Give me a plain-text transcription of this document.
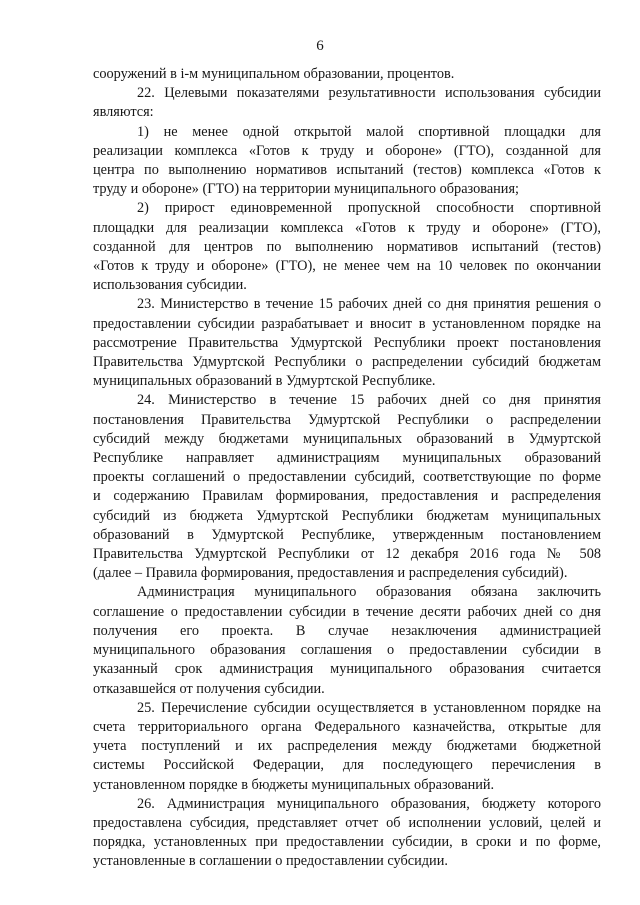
6

сооружений в i-м муниципальном образовании, процентов.

22. Целевыми показателями результативности использования субсидии

являются:

1) не менее одной открытой малой спортивной площадки для

реализации комплекса «Готов к труду и обороне» (ГТО), созданной для

центра по выполнению нормативов испытаний (тестов) комплекса «Готов к

труду и обороне» (ГТО) на территории муниципального образования;

2) прирост единовременной пропускной способности спортивной

площадки для реализации комплекса «Готов к труду и обороне» (ГТО),

созданной для центров по выполнению нормативов испытаний (тестов)

«Готов к труду и обороне» (ГТО), не менее чем на 10 человек по окончании

использования субсидии.

23. Министерство в течение 15 рабочих дней со дня принятия решения о

предоставлении субсидии разрабатывает и вносит в установленном порядке на

рассмотрение Правительства Удмуртской Республики проект постановления

Правительства Удмуртской Республики о распределении субсидий бюджетам

муниципальных образований в Удмуртской Республике.

24. Министерство в течение 15 рабочих дней со дня принятия

постановления Правительства Удмуртской Республики о распределении

субсидий между бюджетами муниципальных образований в Удмуртской

Республике направляет администрациям муниципальных образований

проекты соглашений о предоставлении субсидий, соответствующие по форме

и содержанию Правилам формирования, предоставления и распределения

субсидий из бюджета Удмуртской Республики бюджетам муниципальных

образований в Удмуртской Республике, утвержденным постановлением

Правительства Удмуртской Республики от 12 декабря 2016 года № 508

(далее – Правила формирования, предоставления и распределения субсидий).

Администрация муниципального образования обязана заключить

соглашение о предоставлении субсидии в течение десяти рабочих дней со дня

получения его проекта. В случае незаключения администрацией

муниципального образования соглашения о предоставлении субсидии в

указанный срок администрация муниципального образования считается

отказавшейся от получения субсидии.

25. Перечисление субсидии осуществляется в установленном порядке на

счета территориального органа Федерального казначейства, открытые для

учета поступлений и их распределения между бюджетами бюджетной

системы Российской Федерации, для последующего перечисления в

установленном порядке в бюджеты муниципальных образований.

26. Администрация муниципального образования, бюджету которого

предоставлена субсидия, представляет отчет об исполнении условий, целей и

порядка, установленных при предоставлении субсидии, в сроки и по форме,

установленные в соглашении о предоставлении субсидии.
